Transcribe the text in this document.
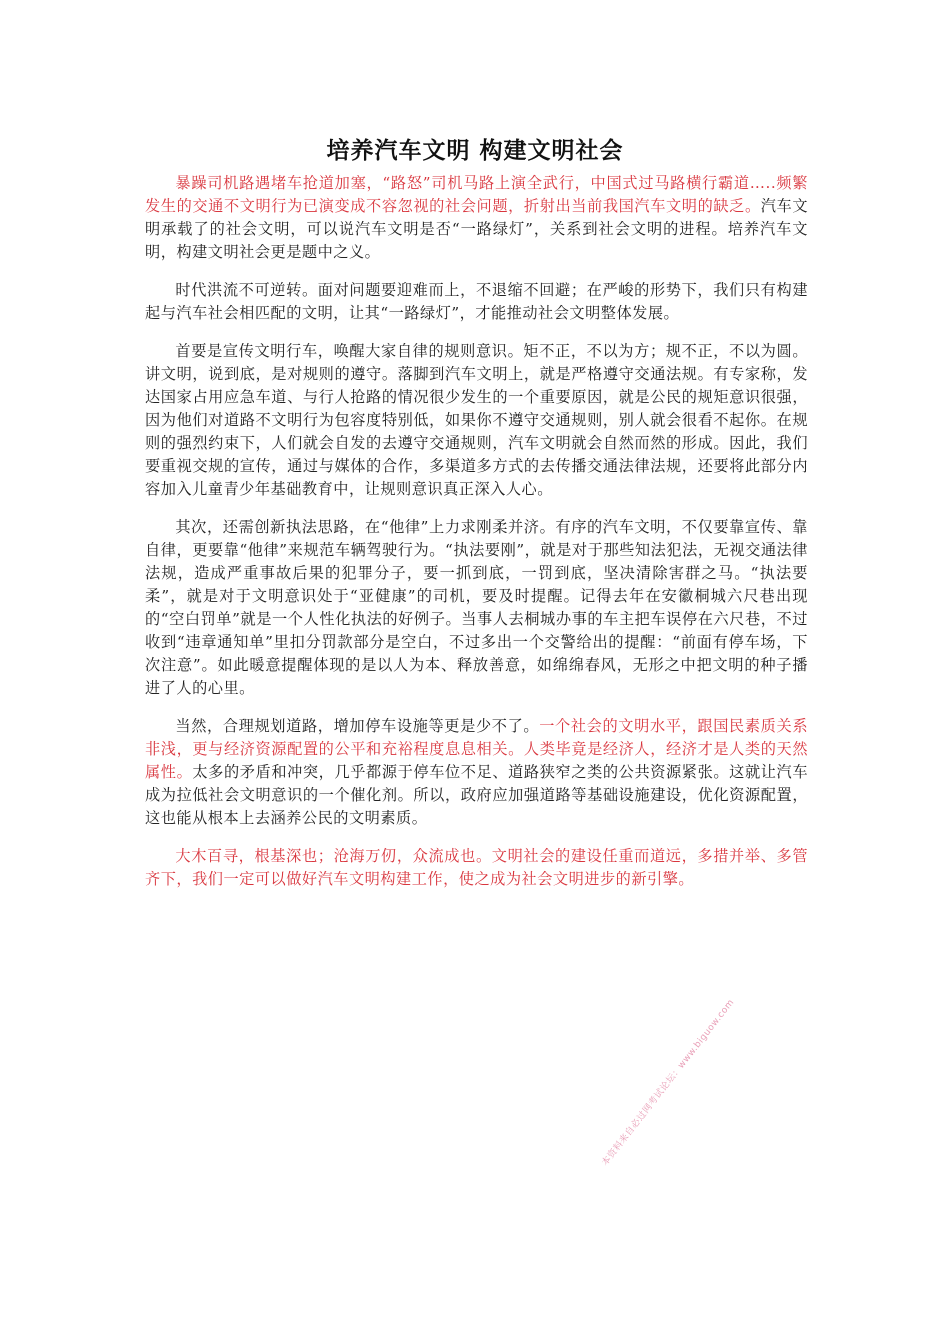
培养汽车文明 构建文明社会

暴躁司机路遇堵车抢道加塞，“路怒”司机马路上演全武行，中国式过马路横行霸道…..频繁发生的交通不文明行为已演变成不容忽视的社会问题，折射出当前我国汽车文明的缺乏。汽车文明承载了的社会文明，可以说汽车文明是否“一路绿灯”，关系到社会文明的进程。培养汽车文明，构建文明社会更是题中之义。

时代洪流不可逆转。面对问题要迎难而上，不退缩不回避；在严峻的形势下，我们只有构建起与汽车社会相匹配的文明，让其“一路绿灯”，才能推动社会文明整体发展。

首要是宣传文明行车，唤醒大家自律的规则意识。矩不正，不以为方；规不正，不以为圆。讲文明，说到底，是对规则的遵守。落脚到汽车文明上，就是严格遵守交通法规。有专家称，发达国家占用应急车道、与行人抢路的情况很少发生的一个重要原因，就是公民的规矩意识很强，因为他们对道路不文明行为包容度特别低，如果你不遵守交通规则，别人就会很看不起你。在规则的强烈约束下，人们就会自发的去遵守交通规则，汽车文明就会自然而然的形成。因此，我们要重视交规的宣传，通过与媒体的合作，多渠道多方式的去传播交通法律法规，还要将此部分内容加入儿童青少年基础教育中，让规则意识真正深入人心。

其次，还需创新执法思路，在“他律”上力求刚柔并济。有序的汽车文明，不仅要靠宣传、靠自律，更要靠“他律”来规范车辆驾驶行为。“执法要刚”，就是对于那些知法犯法，无视交通法律法规，造成严重事故后果的犯罪分子，要一抓到底，一罚到底，坚决清除害群之马。“执法要柔”，就是对于文明意识处于“亚健康”的司机，要及时提醒。记得去年在安徽桐城六尺巷出现的“空白罚单”就是一个人性化执法的好例子。当事人去桐城办事的车主把车误停在六尺巷，不过收到“违章通知单”里扣分罚款部分是空白，不过多出一个交警给出的提醒：“前面有停车场，下次注意”。如此暖意提醒体现的是以人为本、释放善意，如绵绵春风，无形之中把文明的种子播进了人的心里。

当然，合理规划道路，增加停车设施等更是少不了。一个社会的文明水平，跟国民素质关系非浅，更与经济资源配置的公平和充裕程度息息相关。人类毕竟是经济人，经济才是人类的天然属性。太多的矛盾和冲突，几乎都源于停车位不足、道路狭窄之类的公共资源紧张。这就让汽车成为拉低社会文明意识的一个催化剂。所以，政府应加强道路等基础设施建设，优化资源配置，这也能从根本上去涵养公民的文明素质。

大木百寻，根基深也；沧海万仞，众流成也。文明社会的建设任重而道远，多措并举、多管齐下，我们一定可以做好汽车文明构建工作，使之成为社会文明进步的新引擎。

本资料来自必过网考试论坛：www.biguow.com
